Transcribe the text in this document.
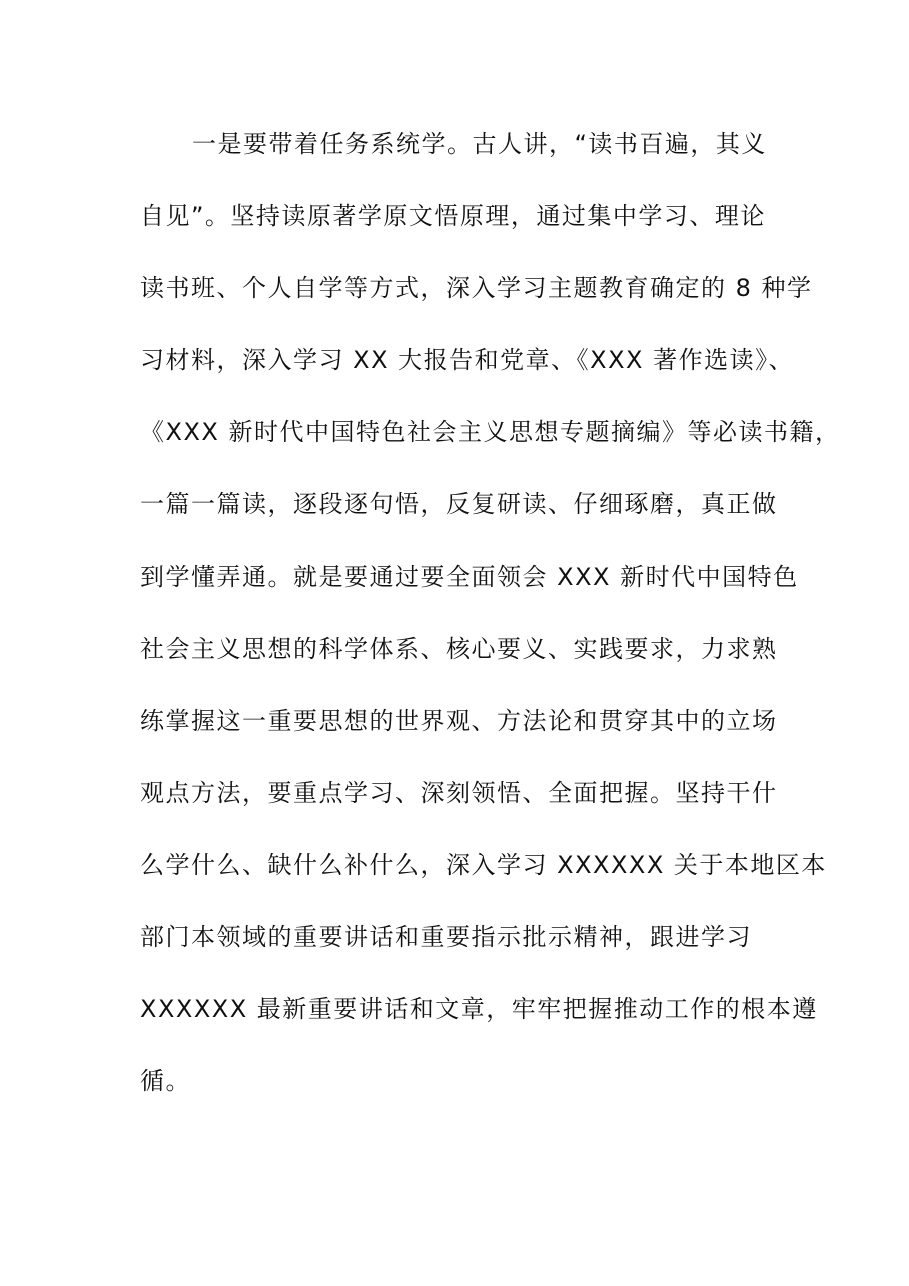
一是要带着任务系统学。古人讲，“读书百遍，其义
自见”。坚持读原著学原文悟原理，通过集中学习、理论
读书班、个人自学等方式，深入学习主题教育确定的 8 种学
习材料，深入学习 XX 大报告和党章、《XXX 著作选读》、
《XXX 新时代中国特色社会主义思想专题摘编》等必读书籍，
一篇一篇读，逐段逐句悟，反复研读、仔细琢磨，真正做
到学懂弄通。就是要通过要全面领会 XXX 新时代中国特色
社会主义思想的科学体系、核心要义、实践要求，力求熟
练掌握这一重要思想的世界观、方法论和贯穿其中的立场
观点方法，要重点学习、深刻领悟、全面把握。坚持干什
么学什么、缺什么补什么，深入学习 XXXXXX 关于本地区本
部门本领域的重要讲话和重要指示批示精神，跟进学习
XXXXXX 最新重要讲话和文章，牢牢把握推动工作的根本遵
循。
